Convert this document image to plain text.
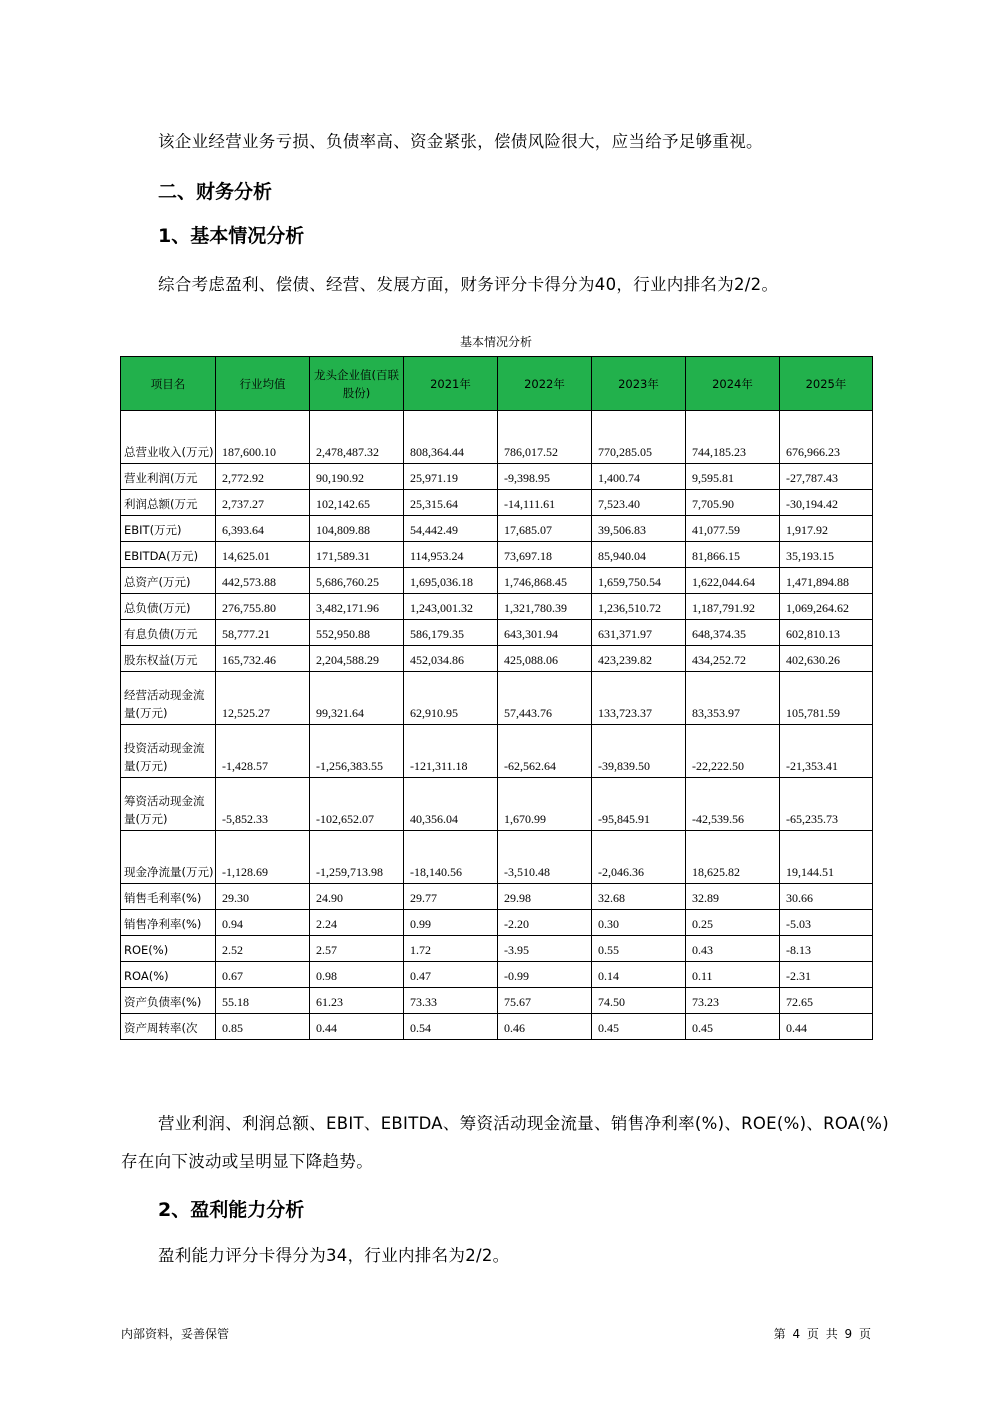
该企业经营业务亏损、负债率高、资金紧张，偿债风险很大，应当给予足够重视。
二、财务分析
1、基本情况分析
综合考虑盈利、偿债、经营、发展方面，财务评分卡得分为40，行业内排名为2/2。
基本情况分析
项目名	行业均值	龙头企业值(百联股份)	2021年	2022年	2023年	2024年	2025年
总营业收入(万元)	187,600.10	2,478,487.32	808,364.44	786,017.52	770,285.05	744,185.23	676,966.23
营业利润(万元	2,772.92	90,190.92	25,971.19	-9,398.95	1,400.74	9,595.81	-27,787.43
利润总额(万元	2,737.27	102,142.65	25,315.64	-14,111.61	7,523.40	7,705.90	-30,194.42
EBIT(万元)	6,393.64	104,809.88	54,442.49	17,685.07	39,506.83	41,077.59	1,917.92
EBITDA(万元)	14,625.01	171,589.31	114,953.24	73,697.18	85,940.04	81,866.15	35,193.15
总资产(万元)	442,573.88	5,686,760.25	1,695,036.18	1,746,868.45	1,659,750.54	1,622,044.64	1,471,894.88
总负债(万元)	276,755.80	3,482,171.96	1,243,001.32	1,321,780.39	1,236,510.72	1,187,791.92	1,069,264.62
有息负债(万元	58,777.21	552,950.88	586,179.35	643,301.94	631,371.97	648,374.35	602,810.13
股东权益(万元	165,732.46	2,204,588.29	452,034.86	425,088.06	423,239.82	434,252.72	402,630.26
经营活动现金流量(万元)	12,525.27	99,321.64	62,910.95	57,443.76	133,723.37	83,353.97	105,781.59
投资活动现金流量(万元)	-1,428.57	-1,256,383.55	-121,311.18	-62,562.64	-39,839.50	-22,222.50	-21,353.41
筹资活动现金流量(万元)	-5,852.33	-102,652.07	40,356.04	1,670.99	-95,845.91	-42,539.56	-65,235.73
现金净流量(万元)	-1,128.69	-1,259,713.98	-18,140.56	-3,510.48	-2,046.36	18,625.82	19,144.51
销售毛利率(%)	29.30	24.90	29.77	29.98	32.68	32.89	30.66
销售净利率(%)	0.94	2.24	0.99	-2.20	0.30	0.25	-5.03
ROE(%)	2.52	2.57	1.72	-3.95	0.55	0.43	-8.13
ROA(%)	0.67	0.98	0.47	-0.99	0.14	0.11	-2.31
资产负债率(%)	55.18	61.23	73.33	75.67	74.50	73.23	72.65
资产周转率(次	0.85	0.44	0.54	0.46	0.45	0.45	0.44
营业利润、利润总额、EBIT、EBITDA、筹资活动现金流量、销售净利率(%)、ROE(%)、ROA(%)存在向下波动或呈明显下降趋势。
2、盈利能力分析
盈利能力评分卡得分为34，行业内排名为2/2。
内部资料，妥善保管	第 4 页 共 9 页
